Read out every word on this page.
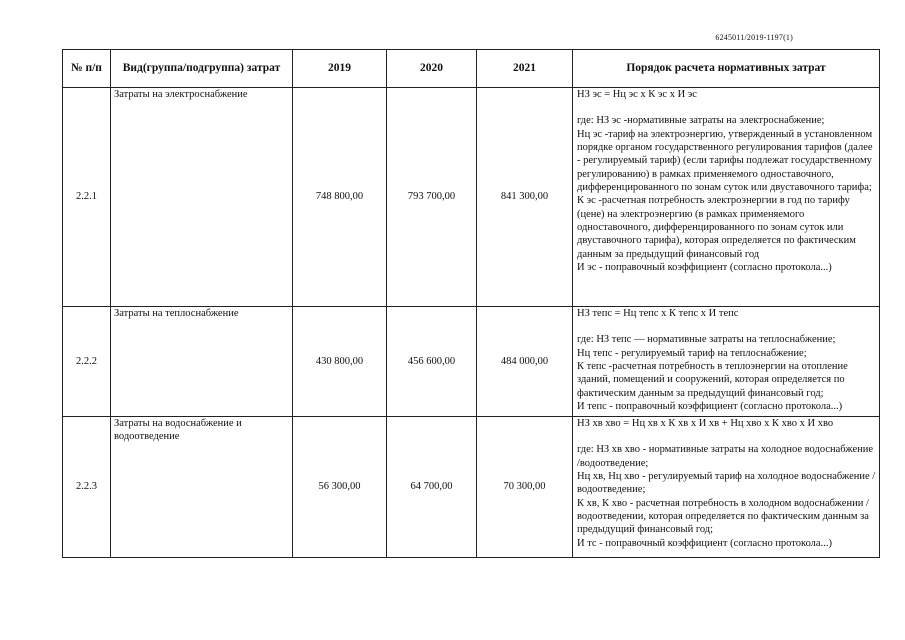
6245011/2019-1197(1)
№ п/п	Вид(группа/подгруппа) затрат	2019	2020	2021	Порядок расчета нормативных затрат
2.2.1	Затраты на электроснабжение	748 800,00	793 700,00	841 300,00	НЗ эс = Нц эс х К эс х И эс
где: НЗ эс -нормативные затраты на электроснабжение;
Нц эс -тариф на электроэнергию, утвержденный в установленном порядке органом государственного регулирования тарифов (далее - регулируемый тариф) (если тарифы подлежат государственному регулированию) в рамках применяемого одноставочного, дифференцированного по зонам суток или двуставочного тарифа;
К эс -расчетная потребность электроэнергии в год по тарифу (цене) на электроэнергию (в рамках применяемого одноставочного, дифференцированного по зонам суток или двуставочного тарифа), которая определяется по фактическим данным за предыдущий финансовый год
И эс - поправочный коэффициент (согласно протокола...)

2.2.2	Затраты на теплоснабжение	430 800,00	456 600,00	484 000,00	НЗ тепс = Нц тепс х К тепс х И тепс
где: НЗ тепс — нормативные затраты на теплоснабжение;
Нц тепс - регулируемый тариф на теплоснабжение;
К тепс -расчетная потребность в теплоэнергии на отопление зданий, помещений и сооружений, которая определяется по фактическим данным за предыдущий финансовый год;
И тепс - поправочный коэффициент (согласно протокола...)

2.2.3	Затраты на водоснабжение и водоотведение	56 300,00	64 700,00	70 300,00	НЗ хв хво = Нц хв х К хв х И хв + Нц хво х К хво х И хво
где: НЗ хв хво - нормативные затраты на холодное водоснабжение /водоотведение;
Нц хв, Нц хво - регулируемый тариф на холодное водоснабжение / водоотведение;
К хв, К хво - расчетная потребность в холодном водоснабжении / водоотведении, которая определяется по фактическим данным за предыдущий финансовый год;
И тс - поправочный коэффициент (согласно протокола...)
